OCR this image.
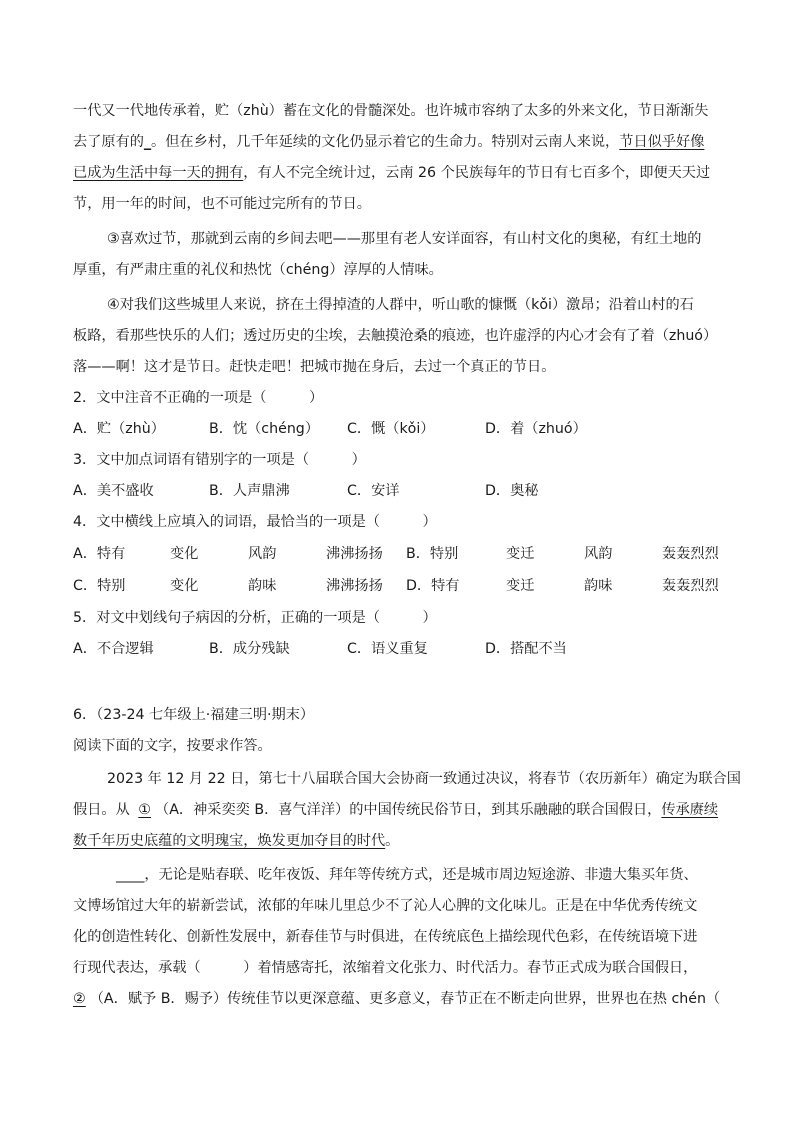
一代又一代地传承着，贮（zhù）蓄在文化的骨髓深处。也许城市容纳了太多的外来文化，节日渐渐失
去了原有的_。但在乡村，几千年延续的文化仍显示着它的生命力。特别对云南人来说，节日似乎好像
已成为生活中每一天的拥有，有人不完全统计过，云南 26 个民族每年的节日有七百多个，即便天天过
节，用一年的时间，也不可能过完所有的节日。
③喜欢过节，那就到云南的乡间去吧——那里有老人安详面容，有山村文化的奥秘，有红土地的
厚重，有严肃庄重的礼仪和热忱（chéng）淳厚的人情味。
④对我们这些城里人来说，挤在土得掉渣的人群中，听山歌的慷慨（kǒi）激昂；沿着山村的石
板路，看那些快乐的人们；透过历史的尘埃，去触摸沧桑的痕迹，也许虚浮的内心才会有了着（zhuó）
落——啊！这才是节日。赶快走吧！把城市抛在身后，去过一个真正的节日。
2．文中注音不正确的一项是（　　　）
A．贮（zhù）	B．忱（chéng） C．慨（kǒi）	D．着（zhuó）
3．文中加点词语有错别字的一项是（　　　）
A．美不盛收	B．人声鼎沸	C．安详	D．奥秘
4．文中横线上应填入的词语，最恰当的一项是（　　　）
A．特有	变化	风韵	沸沸扬扬 B．特别	变迁	风韵	轰轰烈烈
C．特别	变化	韵味	沸沸扬扬 D．特有	变迁	韵味	轰轰烈烈
5．对文中划线句子病因的分析，正确的一项是（　　　）
A．不合逻辑	B．成分残缺	C．语义重复	D．搭配不当
6．（23-24 七年级上·福建三明·期末）
阅读下面的文字，按要求作答。
2023 年 12 月 22 日，第七十八届联合国大会协商一致通过决议，将春节（农历新年）确定为联合国
假日。从 ① （A．神采奕奕 B．喜气洋洋）的中国传统民俗节日，到其乐融融的联合国假日，传承赓续
数千年历史底蕴的文明瑰宝，焕发更加夺目的时代。
____，无论是贴春联、吃年夜饭、拜年等传统方式，还是城市周边短途游、非遗大集买年货、
文博场馆过大年的崭新尝试，浓郁的年味儿里总少不了沁人心脾的文化味儿。正是在中华优秀传统文
化的创造性转化、创新性发展中，新春佳节与时俱进，在传统底色上描绘现代色彩，在传统语境下进
行现代表达，承载（　　　）着情感寄托，浓缩着文化张力、时代活力。春节正式成为联合国假日，
② （A．赋予 B．赐予）传统佳节以更深意蕴、更多意义，春节正在不断走向世界，世界也在热 chén（
